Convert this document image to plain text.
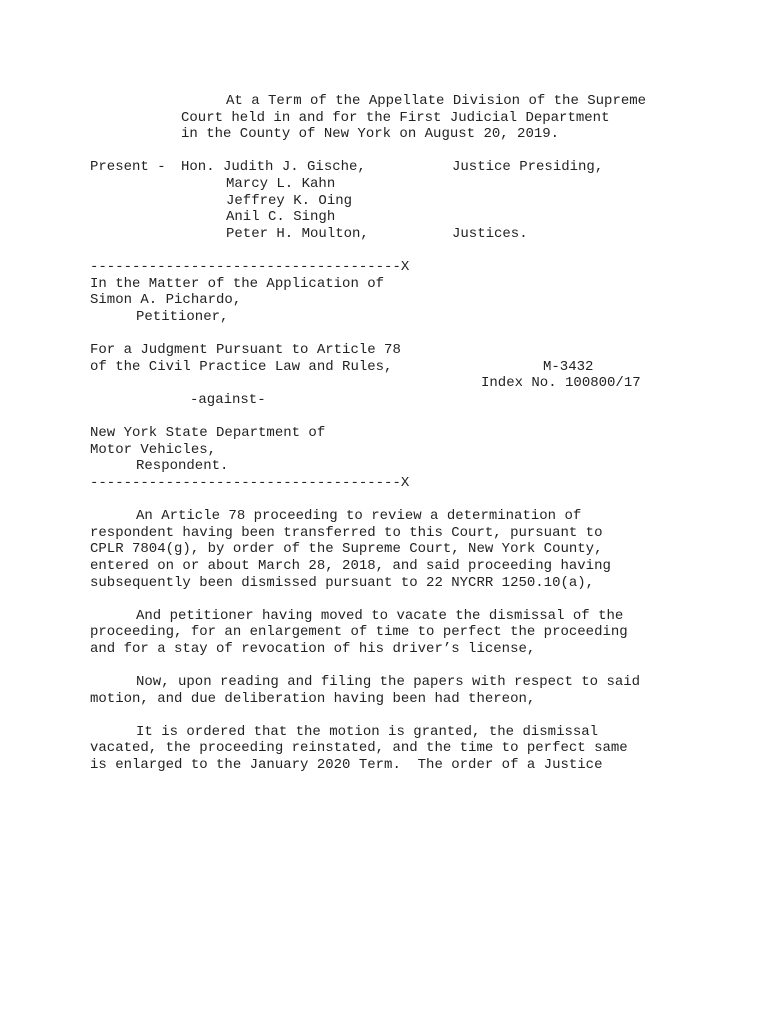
At a Term of the Appellate Division of the Supreme
Court held in and for the First Judicial Department
in the County of New York on August 20, 2019.
Present - Hon. Judith J. Gische,	Justice Presiding,
Marcy L. Kahn
Jeffrey K. Oing
Anil C. Singh
Peter H. Moulton,	Justices.
-------------------------------------X
In the Matter of the Application of
Simon A. Pichardo,
Petitioner,
For a Judgment Pursuant to Article 78
of the Civil Practice Law and Rules,	M-3432
Index No. 100800/17
-against-
New York State Department of
Motor Vehicles,
Respondent.
-------------------------------------X
An Article 78 proceeding to review a determination of
respondent having been transferred to this Court, pursuant to
CPLR 7804(g), by order of the Supreme Court, New York County,
entered on or about March 28, 2018, and said proceeding having
subsequently been dismissed pursuant to 22 NYCRR 1250.10(a),
And petitioner having moved to vacate the dismissal of the
proceeding, for an enlargement of time to perfect the proceeding
and for a stay of revocation of his driver’s license,
Now, upon reading and filing the papers with respect to said
motion, and due deliberation having been had thereon,
It is ordered that the motion is granted, the dismissal
vacated, the proceeding reinstated, and the time to perfect same
is enlarged to the January 2020 Term.  The order of a Justice
